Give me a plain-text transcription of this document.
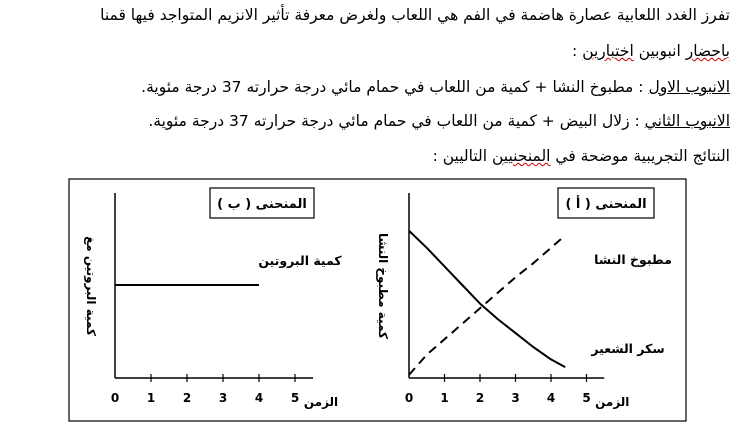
تفرز الغدد اللعابية عصارة هاضمة في الفم هي اللعاب ولغرض معرفة تأثير الانزيم المتواجد فيها قمنا
باحضار انبوبين اختبارين :
الانبوب الاول : مطبوخ النشا + كمية من اللعاب في حمام مائي درجة حرارته 37 درجة مئوية.
الانبوب الثاني : زلال البيض + كمية من اللعاب في حمام مائي درجة حرارته 37 درجة مئوية.
النتائج التجريبية موضحة في المنحنيين التاليين :
0 1 2 3 4 5 الزمن
كمية البروتين مغ
المنحنى ( ب )
كمية البروتين
0 1 2 3 4 5 الزمن
كمية مطبوخ النشا
المنحنى ( أ )
مطبوخ النشا
سكر الشعير
